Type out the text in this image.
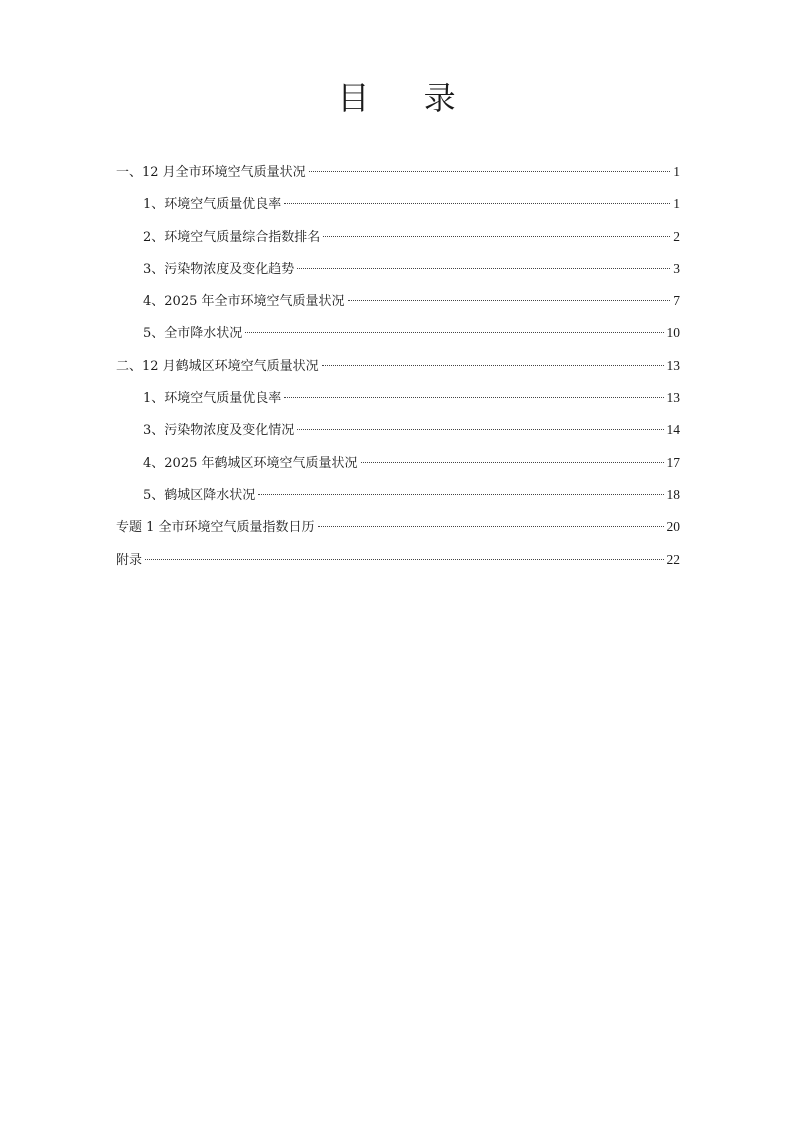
目 录
一、12 月全市环境空气质量状况	1
1、环境空气质量优良率	1
2、环境空气质量综合指数排名	2
3、污染物浓度及变化趋势	3
4、2025 年全市环境空气质量状况	7
5、全市降水状况	10
二、12 月鹤城区环境空气质量状况	13
1、环境空气质量优良率	13
3、污染物浓度及变化情况	14
4、2025 年鹤城区环境空气质量状况	17
5、鹤城区降水状况	18
专题 1 全市环境空气质量指数日历	20
附录	22
